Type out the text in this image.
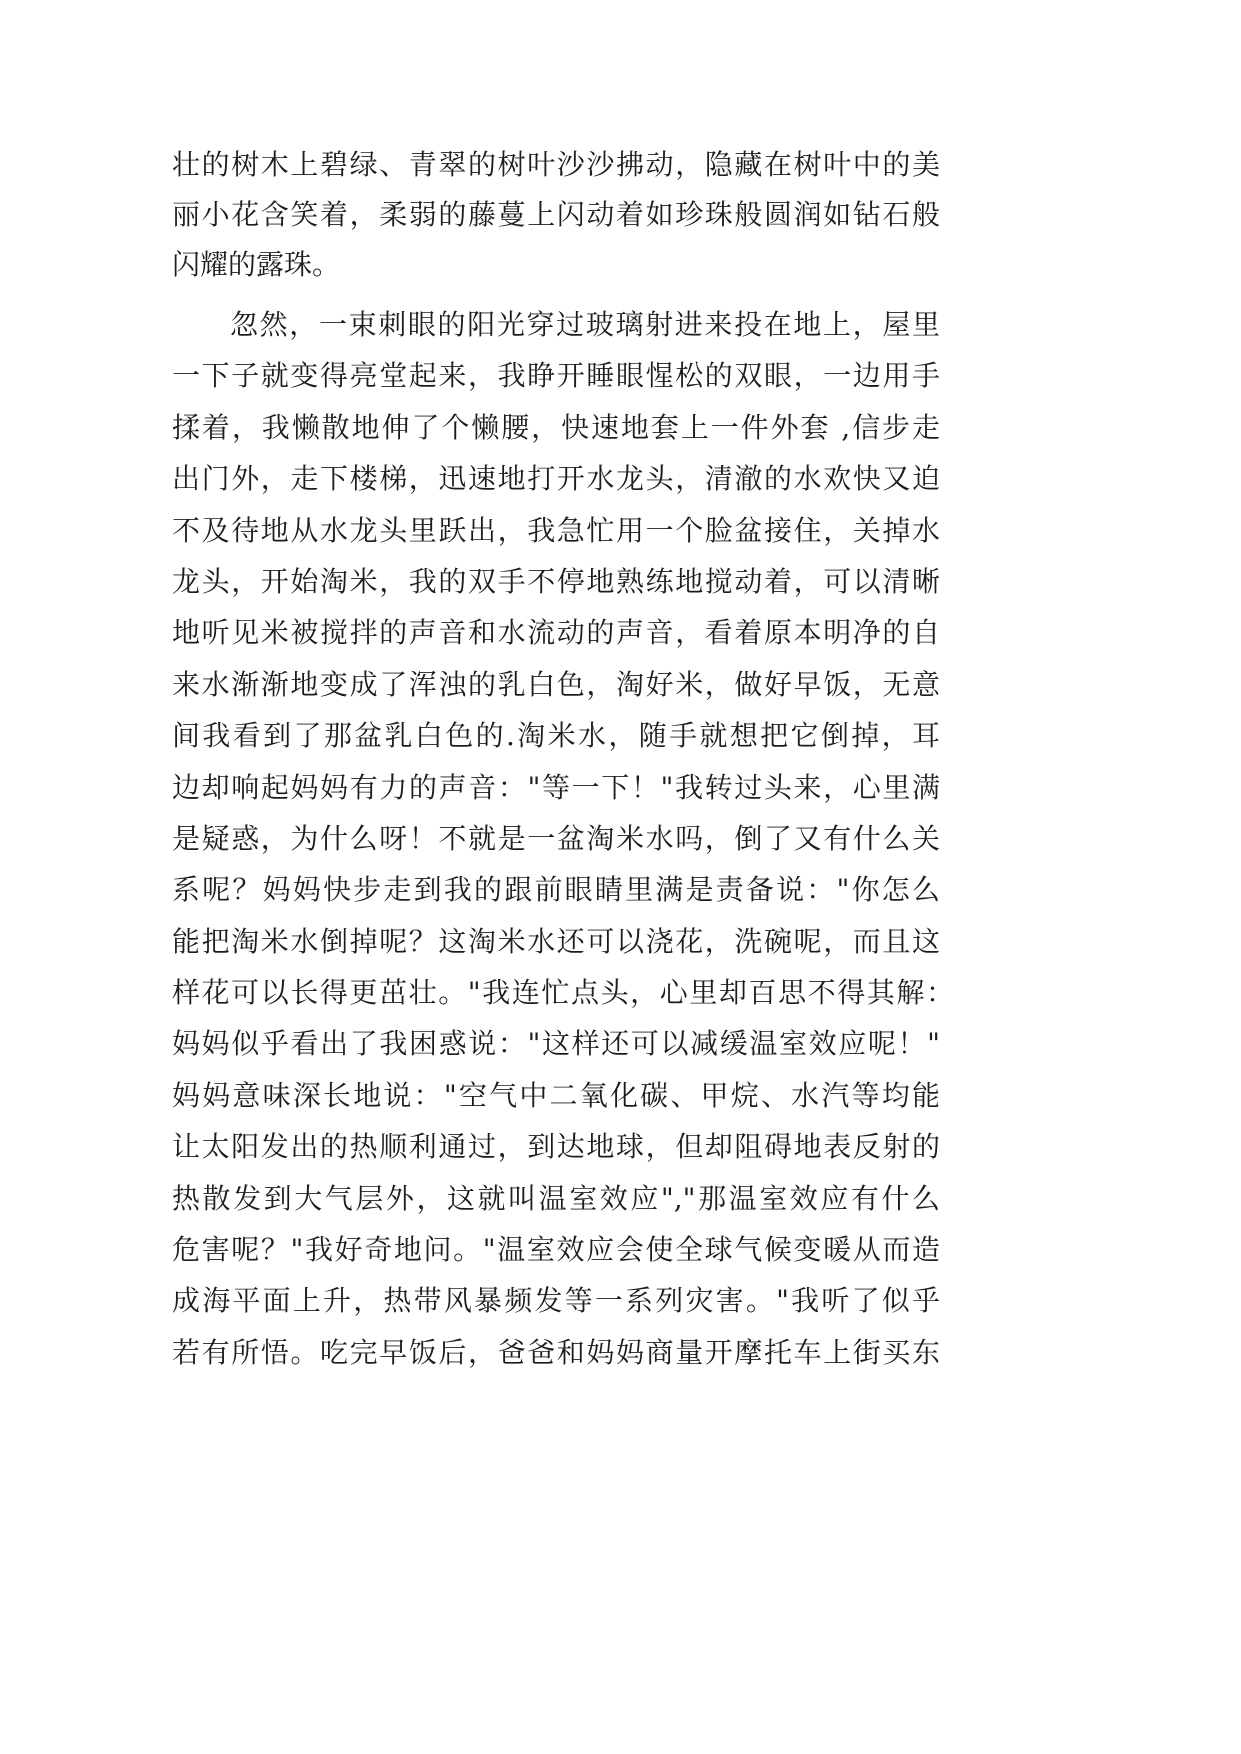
壮的树木上碧绿、青翠的树叶沙沙拂动，隐藏在树叶中的美
丽小花含笑着，柔弱的藤蔓上闪动着如珍珠般圆润如钻石般
闪耀的露珠。
忽然，一束刺眼的阳光穿过玻璃射进来投在地上，屋里
一下子就变得亮堂起来，我睁开睡眼惺松的双眼，一边用手
揉着，我懒散地伸了个懒腰，快速地套上一件外套 ,信步走
出门外，走下楼梯，迅速地打开水龙头，清澈的水欢快又迫
不及待地从水龙头里跃出，我急忙用一个脸盆接住，关掉水
龙头，开始淘米，我的双手不停地熟练地搅动着，可以清晰
地听见米被搅拌的声音和水流动的声音，看着原本明净的自
来水渐渐地变成了浑浊的乳白色，淘好米，做好早饭，无意
间我看到了那盆乳白色的.淘米水，随手就想把它倒掉，耳
边却响起妈妈有力的声音："等一下！"我转过头来，心里满
是疑惑，为什么呀！不就是一盆淘米水吗，倒了又有什么关
系呢？妈妈快步走到我的跟前眼睛里满是责备说："你怎么
能把淘米水倒掉呢？这淘米水还可以浇花，洗碗呢，而且这
样花可以长得更茁壮。"我连忙点头，心里却百思不得其解：
妈妈似乎看出了我困惑说："这样还可以减缓温室效应呢！"
妈妈意味深长地说："空气中二氧化碳、甲烷、水汽等均能
让太阳发出的热顺利通过，到达地球，但却阻碍地表反射的
热散发到大气层外，这就叫温室效应","那温室效应有什么
危害呢？"我好奇地问。"温室效应会使全球气候变暖从而造
成海平面上升，热带风暴频发等一系列灾害。"我听了似乎
若有所悟。吃完早饭后，爸爸和妈妈商量开摩托车上街买东
